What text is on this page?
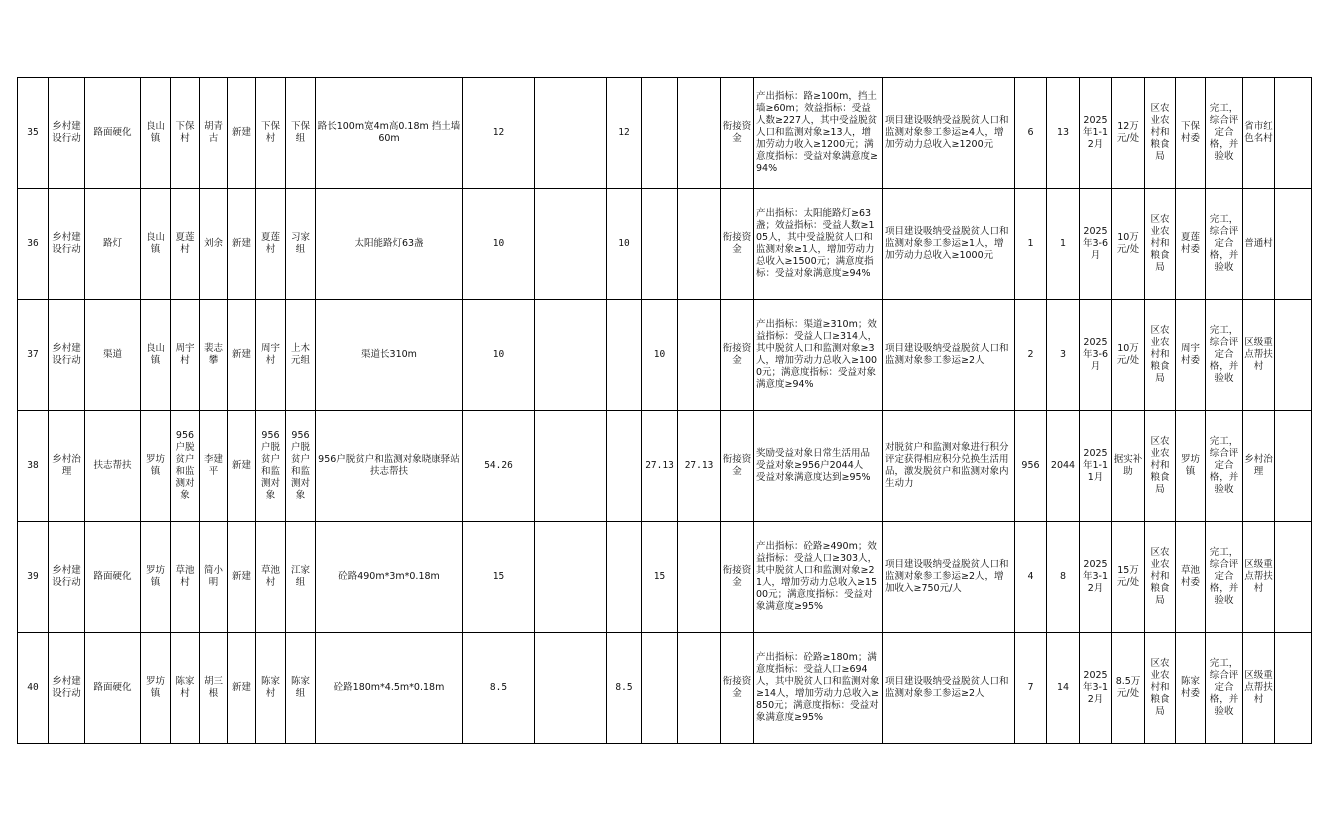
35	乡村建设行动	路面硬化	良山镇	下保村	胡青古	新建	下保村	下保组	路长100m宽4m高0.18m 挡土墙60m	12		12			衔接资金	产出指标：路≥100m，挡土墙≥60m；效益指标：受益人数≥227人，其中受益脱贫人口和监测对象≥13人，增加劳动力收入≥1200元；满意度指标：受益对象满意度≥94%	项目建设吸纳受益脱贫人口和监测对象参工参运≥4人，增加劳动力总收入≥1200元	6	13	2025年1-12月	12万元/处	区农业农村和粮食局	下保村委	完工，综合评定合格，并验收	省市红色名村	
36	乡村建设行动	路灯	良山镇	夏莲村	刘余	新建	夏莲村	习家组	太阳能路灯63盏	10		10			衔接资金	产出指标：太阳能路灯≥63盏；效益指标：受益人数≥105人，其中受益脱贫人口和监测对象≥1人，增加劳动力总收入≥1500元；满意度指标：受益对象满意度≥94%	项目建设吸纳受益脱贫人口和监测对象参工参运≥1人，增加劳动力总收入≥1000元	1	1	2025年3-6月	10万元/处	区农业农村和粮食局	夏莲村委	完工，综合评定合格，并验收	普通村	
37	乡村建设行动	渠道	良山镇	周宇村	裴志攀	新建	周宇村	上木元组	渠道长310m	10			10		衔接资金	产出指标：渠道≥310m；效益指标：受益人口≥314人，其中脱贫人口和监测对象≥3人，增加劳动力总收入≥1000元；满意度指标：受益对象满意度≥94%	项目建设吸纳受益脱贫人口和监测对象参工参运≥2人	2	3	2025年3-6月	10万元/处	区农业农村和粮食局	周宇村委	完工，综合评定合格，并验收	区级重点帮扶村	
38	乡村治理	扶志帮扶	罗坊镇	956户脱贫户和监测对象	李建平	新建	956户脱贫户和监测对象	956户脱贫户和监测对象	956户脱贫户和监测对象晓康驿站扶志帮扶	54.26			27.13	27.13	衔接资金	奖励受益对象日常生活用品
受益对象≥956户2044人
受益对象满意度达到≥95%	对脱贫户和监测对象进行积分评定获得相应积分兑换生活用品，激发脱贫户和监测对象内生动力	956	2044	2025年1-11月	据实补助	区农业农村和粮食局	罗坊镇	完工，综合评定合格，并验收	乡村治理	
39	乡村建设行动	路面硬化	罗坊镇	草池村	简小明	新建	草池村	江家组	砼路490m*3m*0.18m	15			15		衔接资金	产出指标：砼路≥490m；效益指标：受益人口≥303人，其中脱贫人口和监测对象≥21人，增加劳动力总收入≥1500元；满意度指标：受益对象满意度≥95%	项目建设吸纳受益脱贫人口和监测对象参工参运≥2人，增加收入≥750元/人	4	8	2025年3-12月	15万元/处	区农业农村和粮食局	草池村委	完工，综合评定合格，并验收	区级重点帮扶村	
40	乡村建设行动	路面硬化	罗坊镇	陈家村	胡三根	新建	陈家村	陈家组	砼路180m*4.5m*0.18m	8.5		8.5			衔接资金	产出指标：砼路≥180m；满意度指标：受益人口≥694人，其中脱贫人口和监测对象≥14人，增加劳动力总收入≥850元；满意度指标：受益对象满意度≥95%	项目建设吸纳受益脱贫人口和监测对象参工参运≥2人	7	14	2025年3-12月	8.5万元/处	区农业农村和粮食局	陈家村委	完工，综合评定合格，并验收	区级重点帮扶村	
